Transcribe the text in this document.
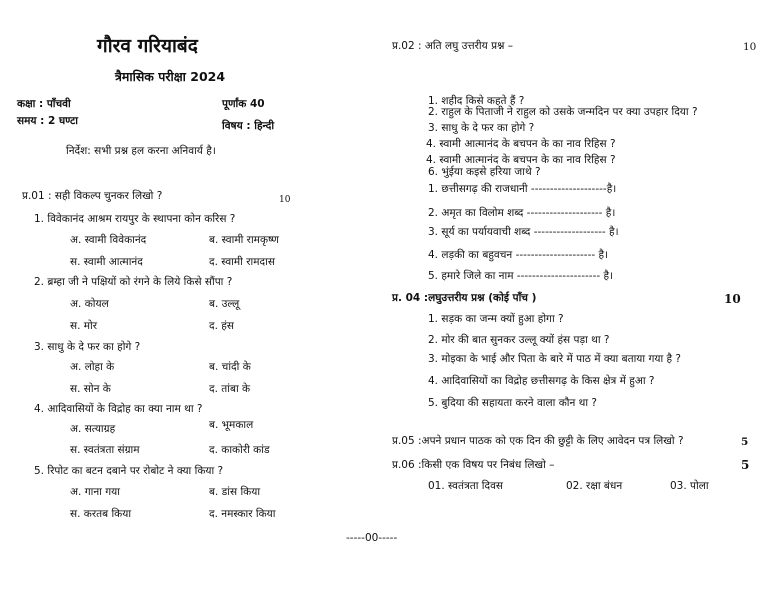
गौरव गरियाबंद
त्रैमासिक परीक्षा 2024
कक्षा : पाँचवी
समय : 2 घण्टा
पूर्णांक 40
विषय : हिन्दी
निर्देश: सभी प्रश्न हल करना अनिवार्य है।
प्र.01 : सही विकल्प चुनकर लिखो ?	10
1. विवेकानंद आश्रम रायपुर के स्थापना कोन करिस ?
अ. स्वामी विवेकानंद	ब. स्वामी रामकृष्ण
स. स्वामी आत्मानंद	द. स्वामी रामदास
2. ब्रम्हा जी ने पक्षियों को रंगने के लिये किसे सौंपा ?
अ. कोयल	ब. उल्लू
स. मोर	द. हंस
3. साधु के दे फर का होगे ?
अ. लोहा के	ब. चांदी के
स. सोन के	द. तांबा के
4. आदिवासियों के विद्रोह का क्या नाम था ?
अ. सत्याग्रह	ब. भूमकाल
स. स्वतंत्रता संग्राम	द. काकोरी कांड
5. रिपोट का बटन दबाने पर रोबोट ने क्या किया ?
अ. गाना गया	ब. डांस किया
स. करतब किया	द. नमस्कार किया
प्र.02 : अति लघु उत्तरीय प्रश्न –	10
1. शहीद किसे कहते हैं ?
2. राहुल के पिताजी ने राहुल को उसके जन्मदिन पर क्या उपहार दिया ?
3. साधु के दे फर का होगे ?
4. स्वामी आत्मानंद के बचपन के का नाव रिहिस ?
4. स्वामी आत्मानंद के बचपन के का नाव रिहिस ?
6. भुंईया कइसे हरिया जाथे ?
1. छत्तीसगढ़ की राजधानी --------------------है।
2. अमृत का विलोम शब्द -------------------- है।
3. सूर्य का पर्यायवाची शब्द ------------------- है।
4. लड़की का बहुवचन --------------------- है।
5. हमारे जिले का नाम ---------------------- है।
प्र. 04 :लघुउत्तरीय प्रश्न (कोई पाँच )	10
1. सड़क का जन्म क्यों हुआ होगा ?
2. मोर की बात सुनकर उल्लू क्यों हंस पड़ा था ?
3. मोइका के भाई और पिता के बारे में पाठ में क्या बताया गया है ?
4. आदिवासियों का विद्रोह छत्तीसगढ़ के किस क्षेत्र में हुआ ?
5. बुदिया की सहायता करने वाला कौन था ?
प्र.05 :अपने प्रधान पाठक को एक दिन की छुट्टी के लिए आवेदन पत्र लिखो ?	5
प्र.06 :किसी एक विषय पर निबंध लिखो –	5
01. स्वतंत्रता दिवस	02. रक्षा बंधन	03. पोला
-----00-----
